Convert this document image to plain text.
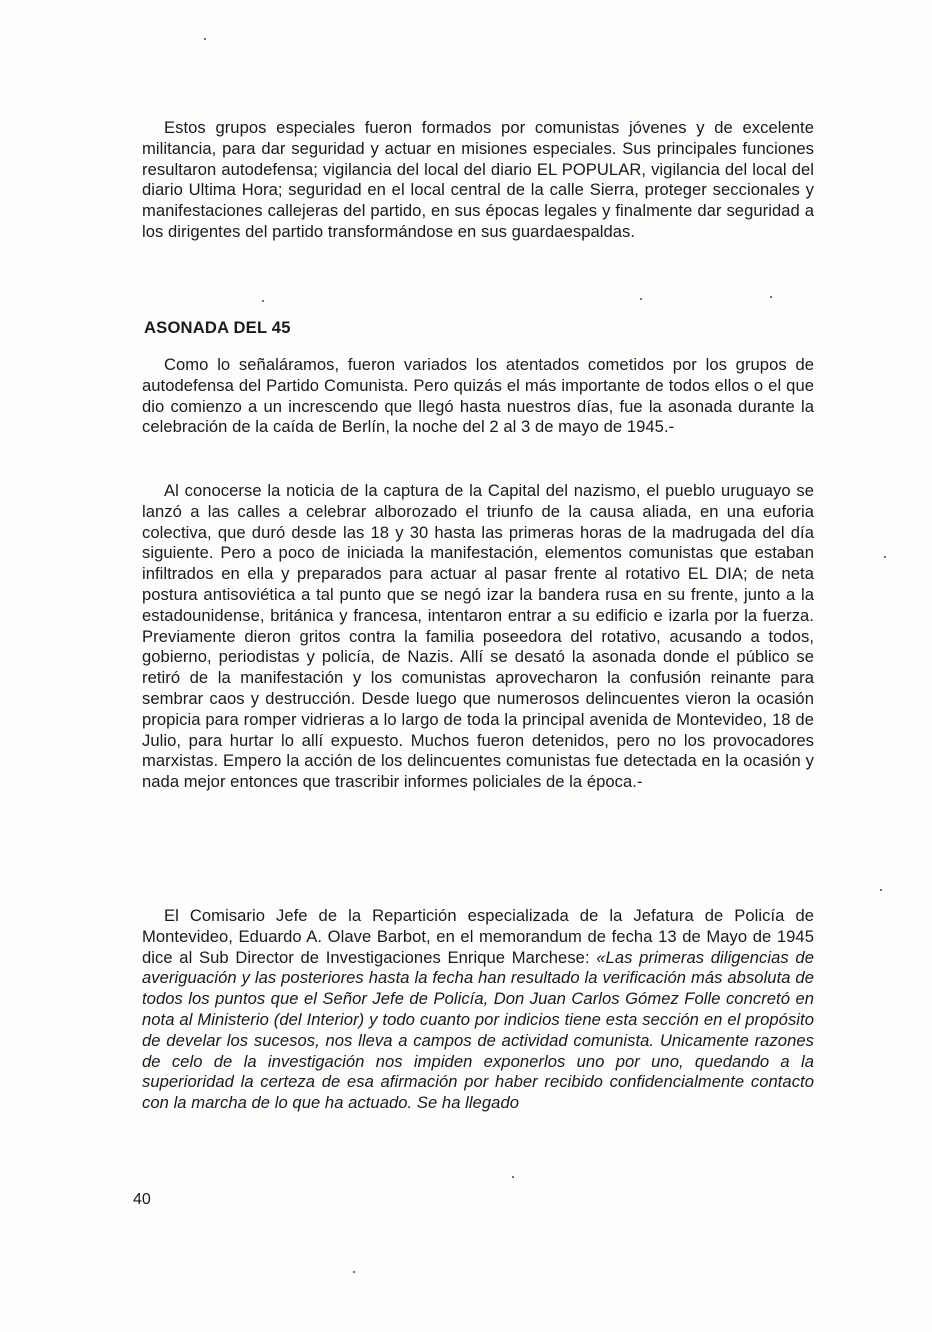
Estos grupos especiales fueron formados por comunistas jóvenes y de excelente militancia, para dar seguridad y actuar en misiones especiales. Sus principales funciones resultaron autodefensa; vigilancia del local del diario EL POPULAR, vigilancia del local del diario Ultima Hora; seguridad en el local central de la calle Sierra, proteger seccionales y manifestaciones callejeras del partido, en sus épocas legales y finalmente dar seguridad a los dirigentes del partido transformándose en sus guardaespaldas.

ASONADA DEL 45

Como lo señaláramos, fueron variados los atentados cometidos por los grupos de autodefensa del Partido Comunista. Pero quizás el más importante de todos ellos o el que dio comienzo a un increscendo que llegó hasta nuestros días, fue la asonada durante la celebración de la caída de Berlín, la noche del 2 al 3 de mayo de 1945.-

Al conocerse la noticia de la captura de la Capital del nazismo, el pueblo uruguayo se lanzó a las calles a celebrar alborozado el triunfo de la causa aliada, en una euforia colectiva, que duró desde las 18 y 30 hasta las primeras horas de la madrugada del día siguiente. Pero a poco de iniciada la manifestación, elementos comunistas que estaban infiltrados en ella y preparados para actuar al pasar frente al rotativo EL DIA; de neta postura antisoviética a tal punto que se negó izar la bandera rusa en su frente, junto a la estadounidense, británica y francesa, intentaron entrar a su edificio e izarla por la fuerza. Previamente dieron gritos contra la familia poseedora del rotativo, acusando a todos, gobierno, periodistas y policía, de Nazis. Allí se desató la asonada donde el público se retiró de la manifestación y los comunistas aprovecharon la confusión reinante para sembrar caos y destrucción. Desde luego que numerosos delincuentes vieron la ocasión propicia para romper vidrieras a lo largo de toda la principal avenida de Montevideo, 18 de Julio, para hurtar lo allí expuesto. Muchos fueron detenidos, pero no los provocadores marxistas. Empero la acción de los delincuentes comunistas fue detectada en la ocasión y nada mejor entonces que trascribir informes policiales de la época.-

El Comisario Jefe de la Repartición especializada de la Jefatura de Policía de Montevideo, Eduardo A. Olave Barbot, en el memorandum de fecha 13 de Mayo de 1945 dice al Sub Director de Investigaciones Enrique Marchese: «Las primeras diligencias de averiguación y las posteriores hasta la fecha han resultado la verificación más absoluta de todos los puntos que el Señor Jefe de Policía, Don Juan Carlos Gómez Folle concretó en nota al Ministerio (del Interior) y todo cuanto por indicios tiene esta sección en el propósito de develar los sucesos, nos lleva a campos de actividad comunista. Unicamente razones de celo de la investigación nos impiden exponerlos uno por uno, quedando a la superioridad la certeza de esa afirmación por haber recibido confidencialmente contacto con la marcha de lo que ha actuado. Se ha llegado

40
